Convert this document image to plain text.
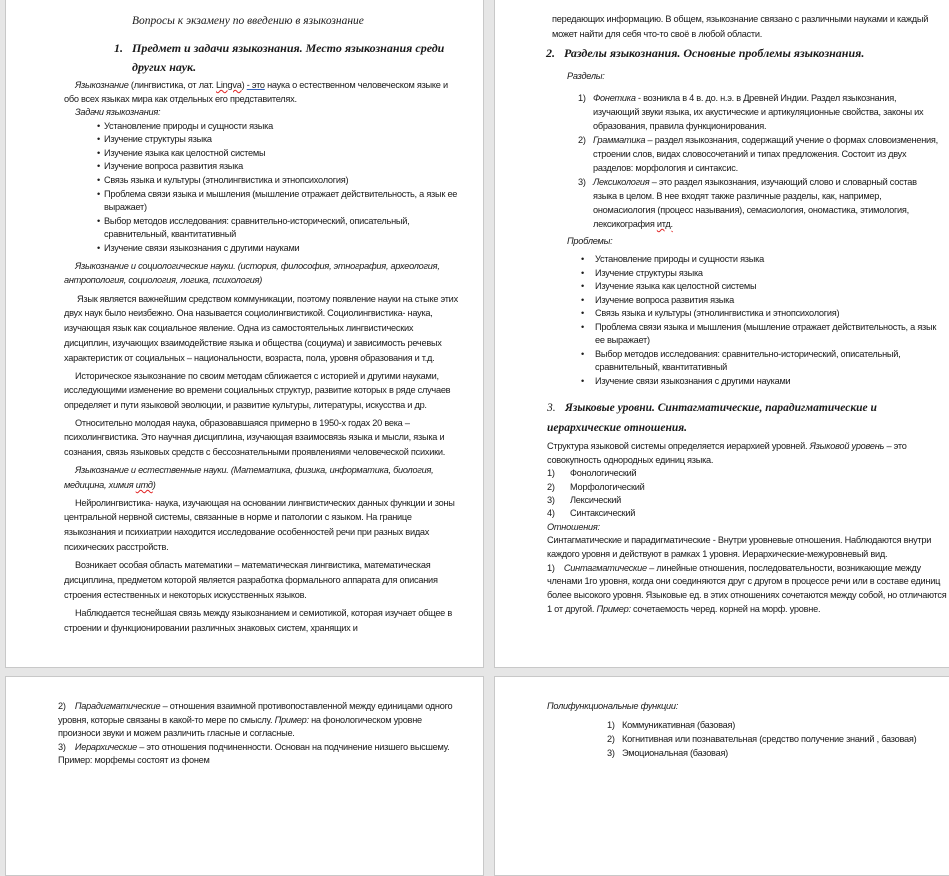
Вопросы к экзамену по введению в языкознание
1. Предмет и задачи языкознания. Место языкознания среди
других наук.

Языкознание (лингвистика, от лат. Lingva) - это наука о естественном человеческом языке и обо всех языках мира как отдельных его представителях.

Задачи языкознания:
• Установление природы и сущности языка
• Изучение структуры языка
• Изучение языка как целостной системы
• Изучение вопроса развития языка
• Связь языка и культуры (этнолингвистика и этнопсихология)
• Проблема связи языка и мышления (мышление отражает действительность, а язык ее выражает)
• Выбор методов исследования: сравнительно-исторический, описательный, сравнительный, квантитативный
• Изучение связи языкознания с другими науками

Языкознание и социологические науки. (история, философия, этнография, археология, антропология, социология, логика, психология)

Язык является важнейшим средством коммуникации, поэтому появление науки на стыке этих двух наук было неизбежно. Она называется социолингвистикой. Социолингвистика- наука, изучающая язык как социальное явление. Одна из самостоятельных лингвистических дисциплин, изучающих взаимодействие языка и общества (социума) и зависимость речевых характеристик от социальных – национальности, возраста, пола, уровня образования и т.д.

Историческое языкознание по своим методам сближается с историей и другими науками, исследующими изменение во времени социальных структур, развитие которых в ряде случаев определяет и пути языковой эволюции, и развитие культуры, литературы, искусства и др.

Относительно молодая наука, образовавшаяся примерно в 1950-х годах 20 века – психолингвистика. Это научная дисциплина, изучающая взаимосвязь языка и мысли, языка и сознания, связь языковых средств с бессознательными проявлениями человеческой психики.

Языкознание и естественные науки. (Математика, физика, информатика, биология, медицина, химия итд)

Нейролингвистика- наука, изучающая на основании лингвистических данных функции и зоны центральной нервной системы, связанные в норме и патологии с языком. На границе языкознания и психиатрии находится исследование особенностей речи при разных видах психических расстройств.

Возникает особая область математики – математическая лингвистика, математическая дисциплина, предметом которой является разработка формального аппарата для описания строения естественных и некоторых искусственных языков.

Наблюдается теснейшая связь между языкознанием и семиотикой, которая изучает общее в строении и функционировании различных знаковых систем, хранящих и

передающих информацию. В общем, языкознание связано с различными науками и каждый может найти для себя что-то своё в любой области.

2. Разделы языкознания. Основные проблемы языкознания.
Разделы:
1) Фонетика - возникла в 4 в. до. н.э. в Древней Индии. Раздел языкознания, изучающий звуки языка, их акустические и артикуляционные свойства, законы их образования, правила функционирования.
2) Грамматика – раздел языкознания, содержащий учение о формах словоизменения, строении слов, видах словосочетаний и типах предложения. Состоит из двух разделов: морфология и синтаксис.
3) Лексикология – это раздел языкознания, изучающий слово и словарный состав языка в целом. В нее входят также различные разделы, как, например, ономасиология (процесс называния), семасиология, ономастика, этимология, лексикография итд.
Проблемы:
• Установление природы и сущности языка
• Изучение структуры языка
• Изучение языка как целостной системы
• Изучение вопроса развития языка
• Связь языка и культуры (этнолингвистика и этнопсихология)
• Проблема связи языка и мышления (мышление отражает действительность, а язык ее выражает)
• Выбор методов исследования: сравнительно-исторический, описательный, сравнительный, квантитативный
• Изучение связи языкознания с другими науками
3. Языковые уровни. Синтагматические, парадигматические и
иерархические отношения.

Структура языковой системы определяется иерархией уровней. Языковой уровень – это совокупность однородных единиц языка.

1) Фонологический
2) Морфологический
3) Лексический
4) Синтаксический
Отношения:

Синтагматические и парадигматические - Внутри уровневые отношения. Наблюдаются внутри каждого уровня и действуют в рамках 1 уровня. Иерархические-межуровневый вид.

1) Синтагматические – линейные отношения, последовательности, возникающие между членами 1го уровня, когда они соединяются друг с другом в процессе речи или в составе единиц более высокого уровня. Языковые ед. в этих отношениях сочетаются между собой, но отличаются 1 от другой. Пример: сочетаемость черед. корней на морф. уровне.

2) Парадигматические – отношения взаимной противопоставленной между единицами одного уровня, которые связаны в какой-то мере по смыслу. Пример: на фонологическом уровне произноси звуки и можем различить гласные и согласные.

3) Иерархические – это отношения подчиненности. Основан на подчинение низшего высшему. Пример: морфемы состоят из фонем

Полифункциональные функции:
1) Коммуникативная (базовая)
2) Когнитивная или познавательная (средство получение знаний , базовая)
3) Эмоциональная (базовая)
